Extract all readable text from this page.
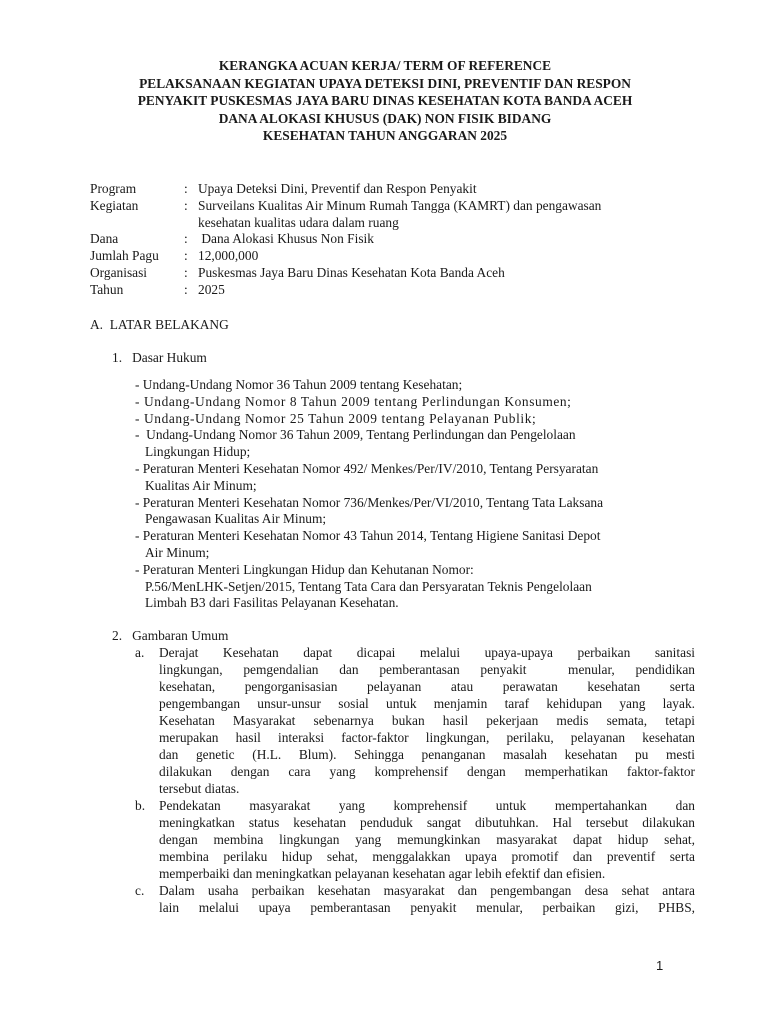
KERANGKA ACUAN KERJA/ TERM OF REFERENCE
PELAKSANAAN KEGIATAN UPAYA DETEKSI DINI, PREVENTIF DAN RESPON
PENYAKIT PUSKESMAS JAYA BARU DINAS KESEHATAN KOTA BANDA ACEH
DANA ALOKASI KHUSUS (DAK) NON FISIK BIDANG
KESEHATAN TAHUN ANGGARAN 2025
Program	: Upaya Deteksi Dini, Preventif dan Respon Penyakit
Kegiatan	: Surveilans Kualitas Air Minum Rumah Tangga (KAMRT) dan pengawasan
kesehatan kualitas udara dalam ruang
Dana	: Dana Alokasi Khusus Non Fisik
Jumlah Pagu	: 12,000,000
Organisasi	: Puskesmas Jaya Baru Dinas Kesehatan Kota Banda Aceh
Tahun	: 2025
A.  LATAR BELAKANG
1.   Dasar Hukum
- Undang-Undang Nomor 36 Tahun 2009 tentang Kesehatan;
- Undang-Undang Nomor 8 Tahun 2009 tentang Perlindungan Konsumen;
- Undang-Undang Nomor 25 Tahun 2009 tentang Pelayanan Publik;
-  Undang-Undang Nomor 36 Tahun 2009, Tentang Perlindungan dan Pengelolaan
Lingkungan Hidup;
- Peraturan Menteri Kesehatan Nomor 492/ Menkes/Per/IV/2010, Tentang Persyaratan
Kualitas Air Minum;
- Peraturan Menteri Kesehatan Nomor 736/Menkes/Per/VI/2010, Tentang Tata Laksana
Pengawasan Kualitas Air Minum;
- Peraturan Menteri Kesehatan Nomor 43 Tahun 2014, Tentang Higiene Sanitasi Depot
Air Minum;
- Peraturan Menteri Lingkungan Hidup dan Kehutanan Nomor:
P.56/MenLHK-Setjen/2015, Tentang Tata Cara dan Persyaratan Teknis Pengelolaan
Limbah B3 dari Fasilitas Pelayanan Kesehatan.
2.   Gambaran Umum
a. Derajat Kesehatan dapat dicapai melalui upaya-upaya perbaikan sanitasi
lingkungan, pemgendalian dan pemberantasan penyakit  menular, pendidikan
kesehatan, pengorganisasian pelayanan atau perawatan kesehatan serta
pengembangan unsur-unsur sosial untuk menjamin taraf kehidupan yang layak.
Kesehatan Masyarakat sebenarnya bukan hasil pekerjaan medis semata, tetapi
merupakan hasil interaksi factor-faktor lingkungan, perilaku, pelayanan kesehatan
dan genetic (H.L. Blum). Sehingga penanganan masalah kesehatan pu mesti
dilakukan dengan cara yang komprehensif dengan memperhatikan faktor-faktor
tersebut diatas.
b. Pendekatan masyarakat yang komprehensif untuk mempertahankan dan
meningkatkan status kesehatan penduduk sangat dibutuhkan. Hal tersebut dilakukan
dengan membina lingkungan yang memungkinkan masyarakat dapat hidup sehat,
membina perilaku hidup sehat, menggalakkan upaya promotif dan preventif serta
memperbaiki dan meningkatkan pelayanan kesehatan agar lebih efektif dan efisien.
c. Dalam usaha perbaikan kesehatan masyarakat dan pengembangan desa sehat antara
lain melalui upaya pemberantasan penyakit menular, perbaikan gizi, PHBS,
1
